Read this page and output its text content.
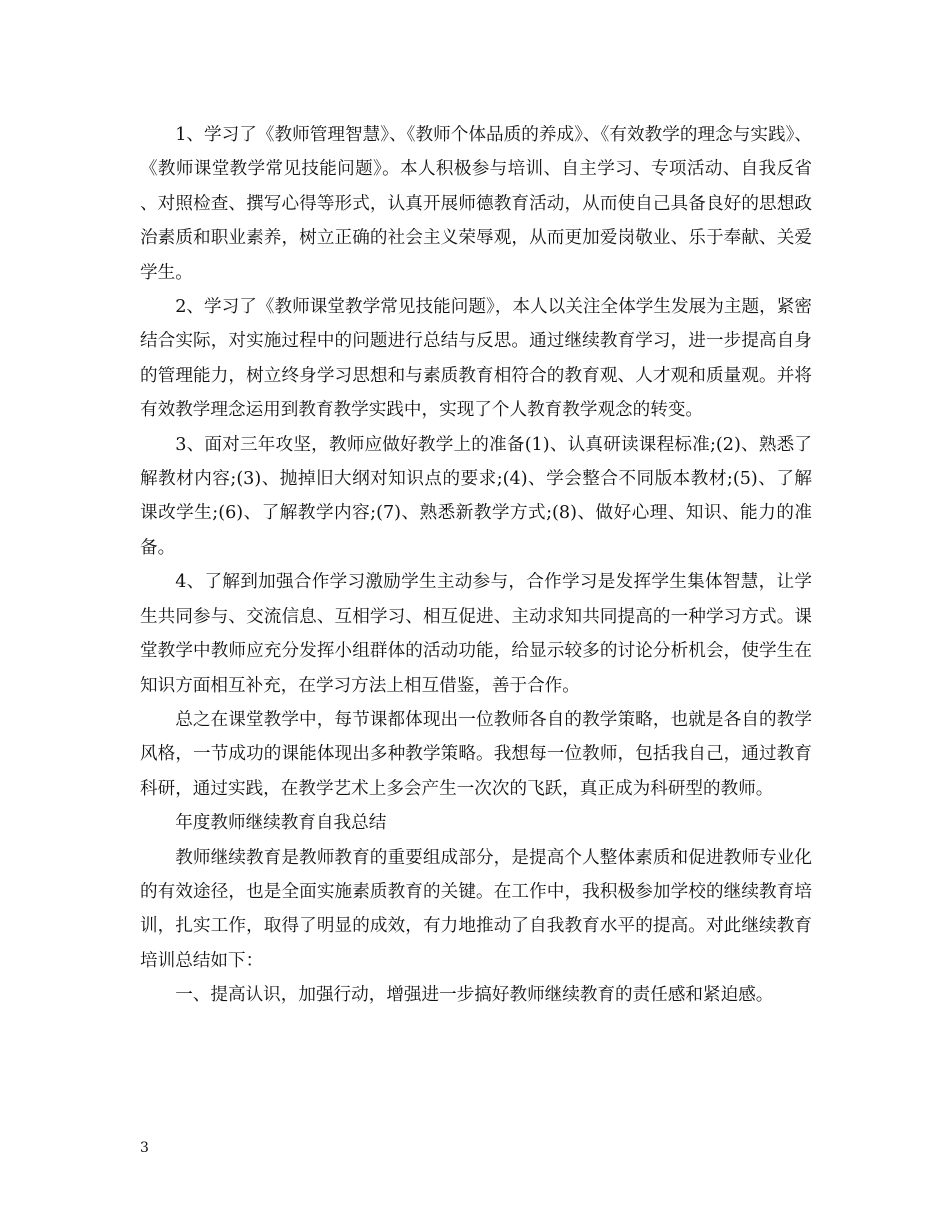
1、学习了《教师管理智慧》、《教师个体品质的养成》、《有效教学的理念与实践》、《教师课堂教学常见技能问题》。本人积极参与培训、自主学习、专项活动、自我反省、对照检查、撰写心得等形式，认真开展师德教育活动，从而使自己具备良好的思想政治素质和职业素养，树立正确的社会主义荣辱观，从而更加爱岗敬业、乐于奉献、关爱学生。

2、学习了《教师课堂教学常见技能问题》，本人以关注全体学生发展为主题，紧密结合实际，对实施过程中的问题进行总结与反思。通过继续教育学习，进一步提高自身的管理能力，树立终身学习思想和与素质教育相符合的教育观、人才观和质量观。并将有效教学理念运用到教育教学实践中，实现了个人教育教学观念的转变。

3、面对三年攻坚，教师应做好教学上的准备(1)、认真研读课程标准;(2)、熟悉了解教材内容;(3)、抛掉旧大纲对知识点的要求;(4)、学会整合不同版本教材;(5)、了解课改学生;(6)、了解教学内容;(7)、熟悉新教学方式;(8)、做好心理、知识、能力的准备。

4、了解到加强合作学习激励学生主动参与，合作学习是发挥学生集体智慧，让学生共同参与、交流信息、互相学习、相互促进、主动求知共同提高的一种学习方式。课堂教学中教师应充分发挥小组群体的活动功能，给显示较多的讨论分析机会，使学生在知识方面相互补充，在学习方法上相互借鉴，善于合作。

总之在课堂教学中，每节课都体现出一位教师各自的教学策略，也就是各自的教学风格，一节成功的课能体现出多种教学策略。我想每一位教师，包括我自己，通过教育科研，通过实践，在教学艺术上多会产生一次次的飞跃，真正成为科研型的教师。

年度教师继续教育自我总结

教师继续教育是教师教育的重要组成部分，是提高个人整体素质和促进教师专业化的有效途径，也是全面实施素质教育的关键。在工作中，我积极参加学校的继续教育培训，扎实工作，取得了明显的成效，有力地推动了自我教育水平的提高。对此继续教育培训总结如下：

一、提高认识，加强行动，增强进一步搞好教师继续教育的责任感和紧迫感。

3
